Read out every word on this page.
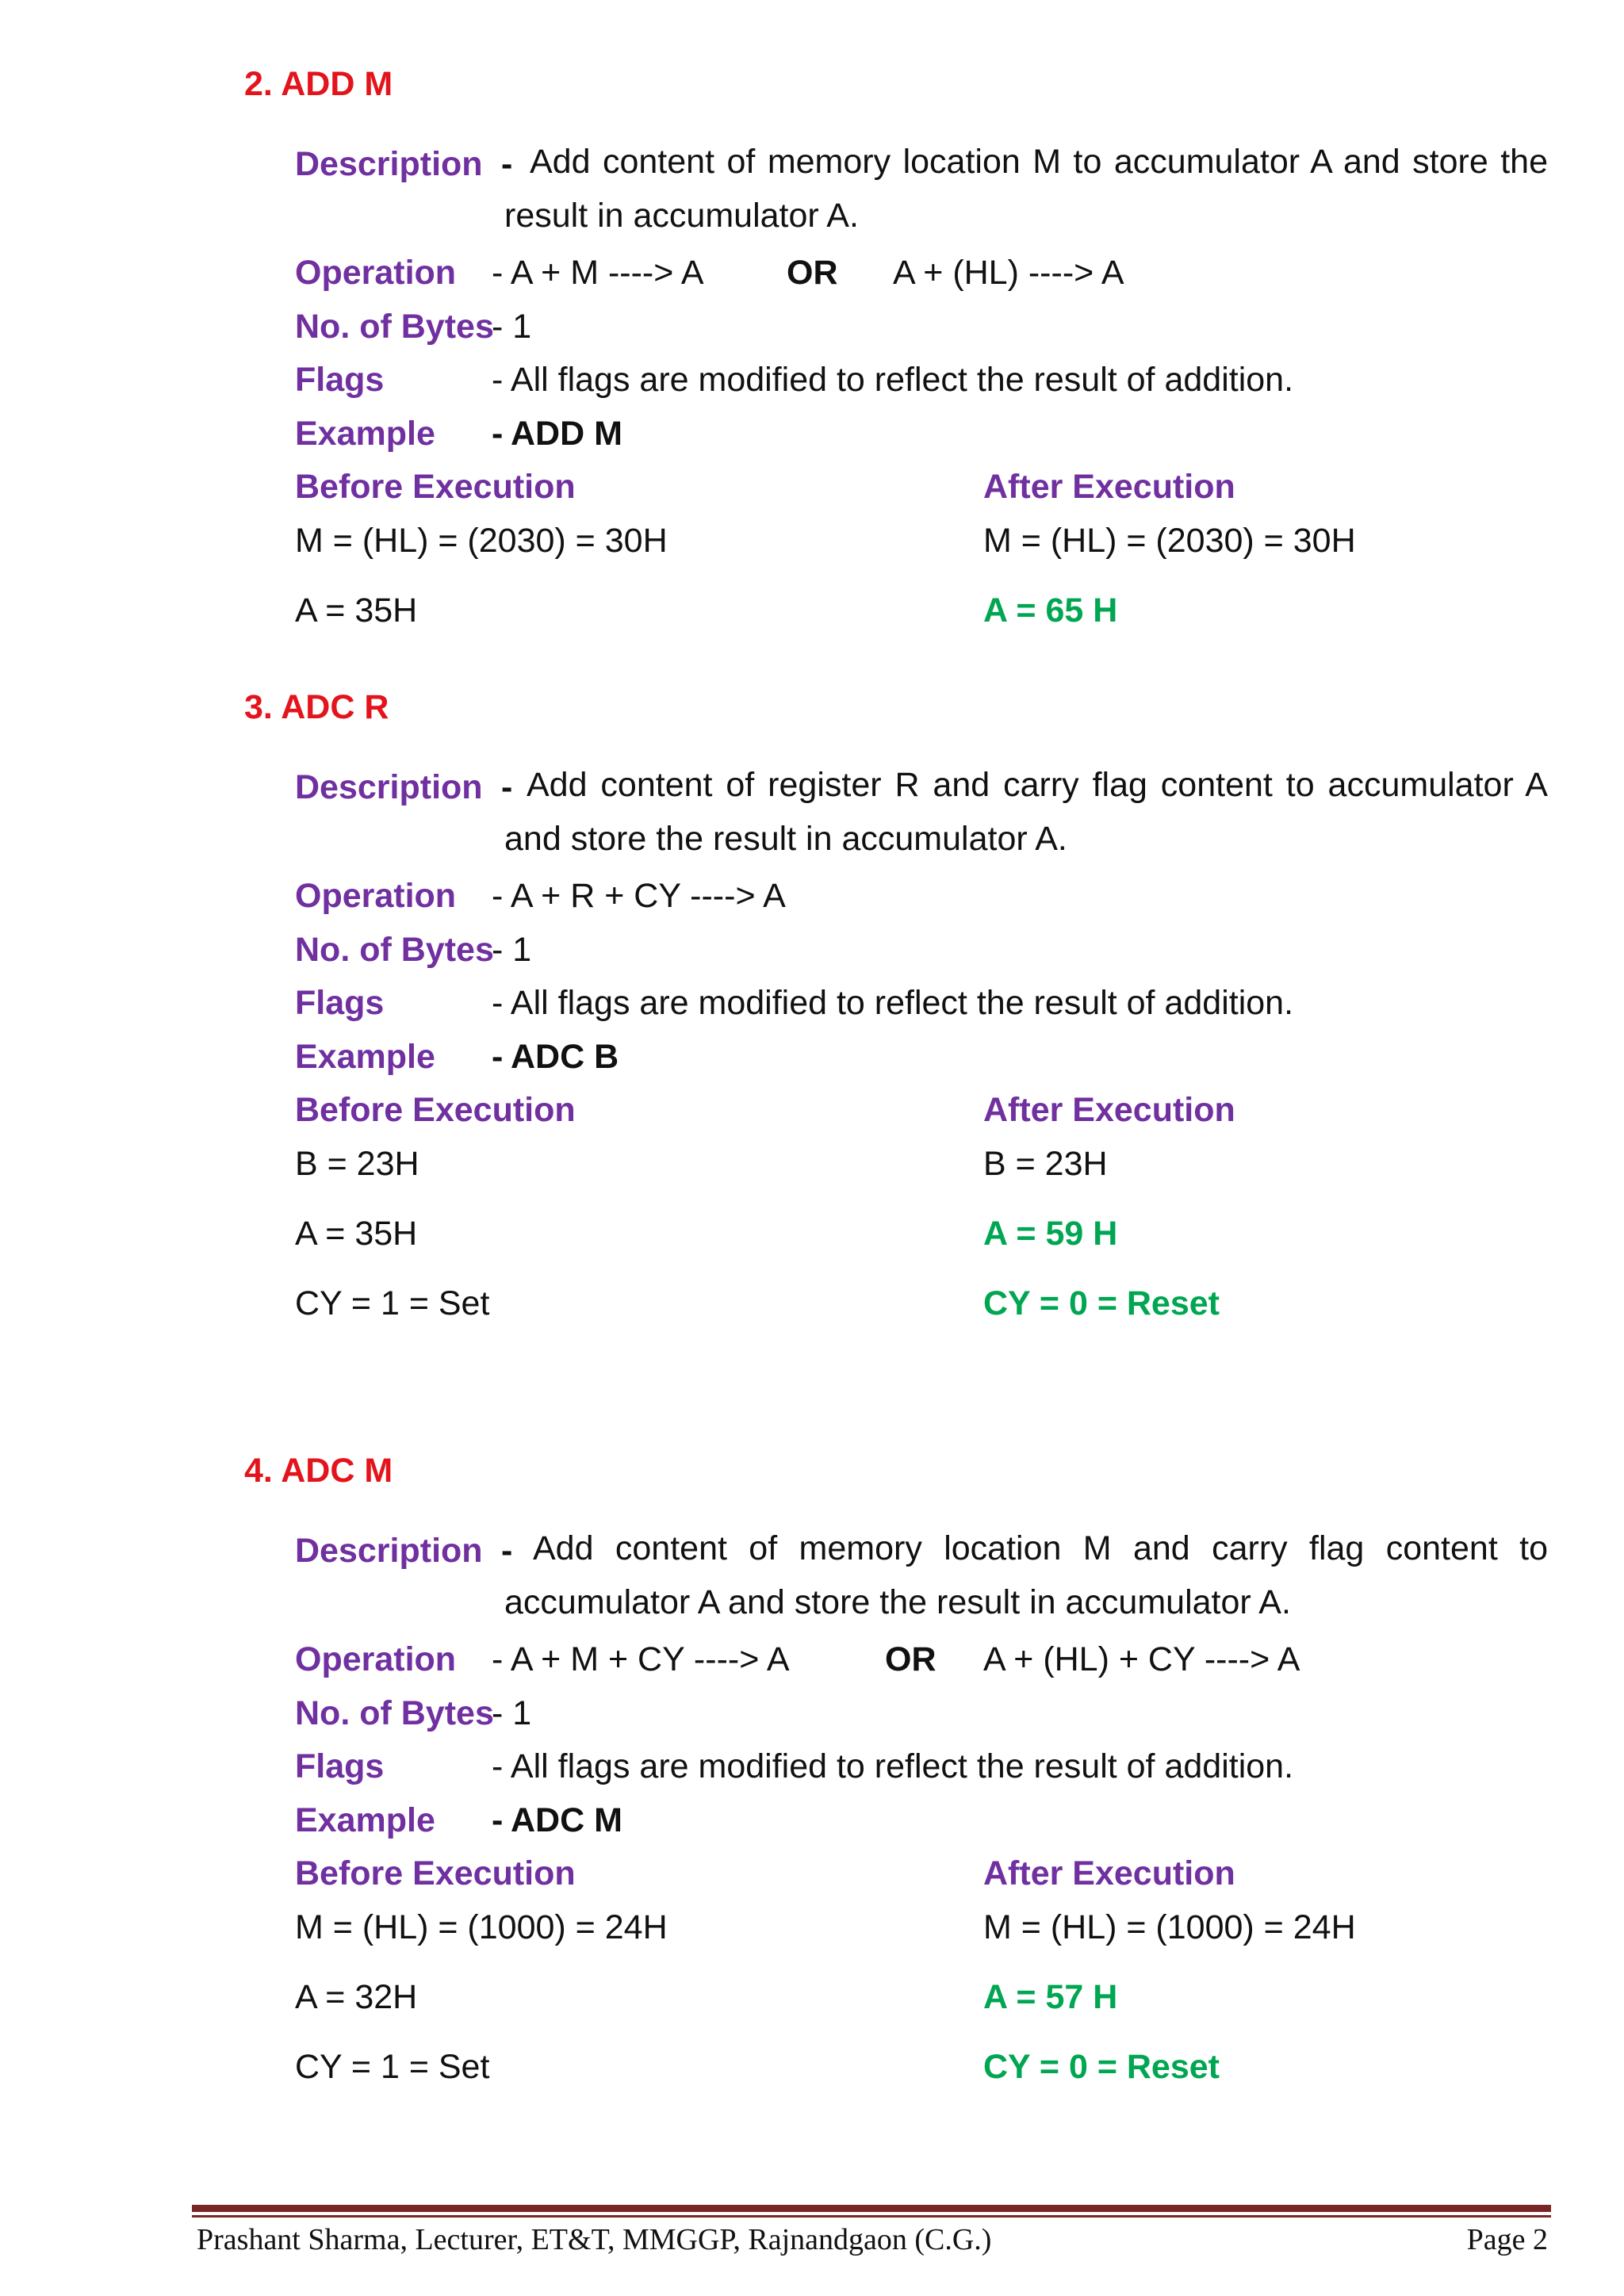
2. ADD M
Description - Add content of memory location M to accumulator A and store the result in accumulator A.
Operation - A + M ----> A OR A + (HL) ----> A
No. of Bytes
- 1
Flags	- All flags are modified to reflect the result of addition.
Example - ADD M
Before Execution	After Execution
M = (HL) = (2030) = 30H	M = (HL) = (2030) = 30H
A = 35H	A = 65 H
3. ADC R
Description - Add content of register R and carry flag content to accumulator A and store the result in accumulator A.
Operation - A + R + CY ----> A
No. of Bytes
- 1
Flags	- All flags are modified to reflect the result of addition.
Example - ADC B
Before Execution	After Execution
B = 23H	B = 23H
A = 35H	A = 59 H
CY = 1 = Set	CY = 0 = Reset
4. ADC M
Description - Add content of memory location M and carry flag content to accumulator A and store the result in accumulator A.
Operation - A + M + CY ----> A	OR A + (HL) + CY ----> A
No. of Bytes
- 1
Flags	- All flags are modified to reflect the result of addition.
Example - ADC M
Before Execution	After Execution
M = (HL) = (1000) = 24H	M = (HL) = (1000) = 24H
A = 32H	A = 57 H
CY = 1 = Set	CY = 0 = Reset
Prashant Sharma, Lecturer, ET&T, MMGGP, Rajnandgaon (C.G.)	Page 2
